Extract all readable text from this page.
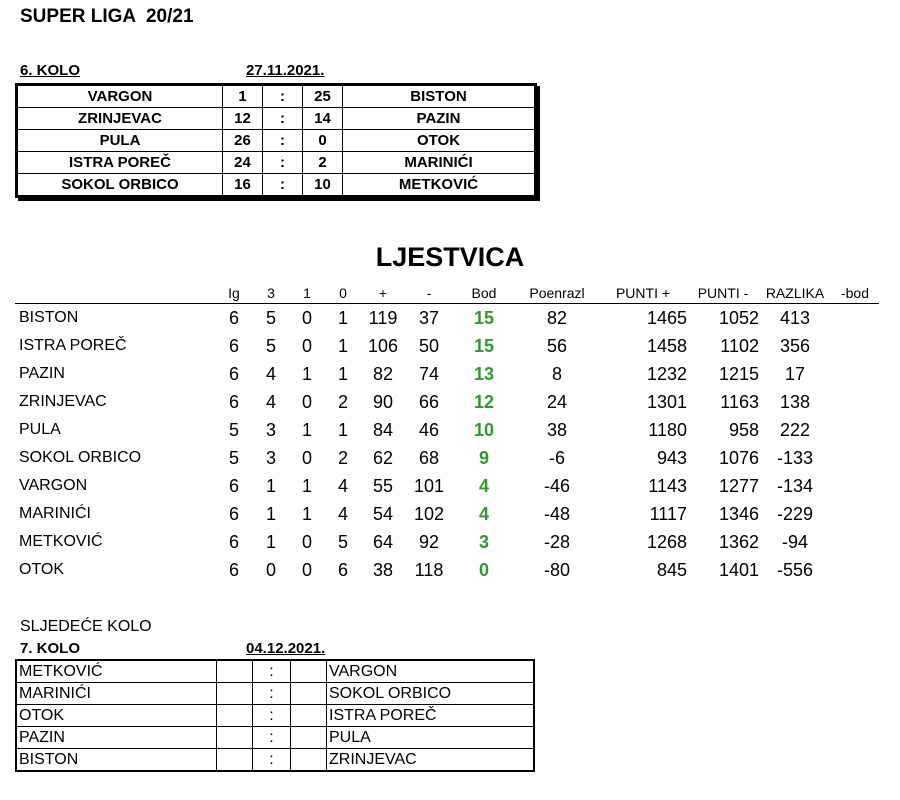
SUPER LIGA  20/21
6. KOLO	27.11.2021.
VARGON	1	:	25	BISTON
ZRINJEVAC	12	:	14	PAZIN
PULA	26	:	0	OTOK
ISTRA POREČ	24	:	2	MARINIĆI
SOKOL ORBICO	16	:	10	METKOVIĆ
LJESTVICA
	Ig	3	1	0	+	-	Bod	Poenrazl	PUNTI +	PUNTI -	RAZLIKA	-bod
BISTON	6	5	0	1	119	37	15	82	1465	1052	413	
ISTRA POREČ	6	5	0	1	106	50	15	56	1458	1102	356	
PAZIN	6	4	1	1	82	74	13	8	1232	1215	17	
ZRINJEVAC	6	4	0	2	90	66	12	24	1301	1163	138	
PULA	5	3	1	1	84	46	10	38	1180	958	222	
SOKOL ORBICO	5	3	0	2	62	68	9	-6	943	1076	-133	
VARGON	6	1	1	4	55	101	4	-46	1143	1277	-134	
MARINIĆI	6	1	1	4	54	102	4	-48	1117	1346	-229	
METKOVIĆ	6	1	0	5	64	92	3	-28	1268	1362	-94	
OTOK	6	0	0	6	38	118	0	-80	845	1401	-556	
SLJEDEĆE KOLO
7. KOLO	04.12.2021.
METKOVIĆ		:		VARGON
MARINIĆI		:		SOKOL ORBICO
OTOK		:		ISTRA POREČ
PAZIN		:		PULA
BISTON		:		ZRINJEVAC
